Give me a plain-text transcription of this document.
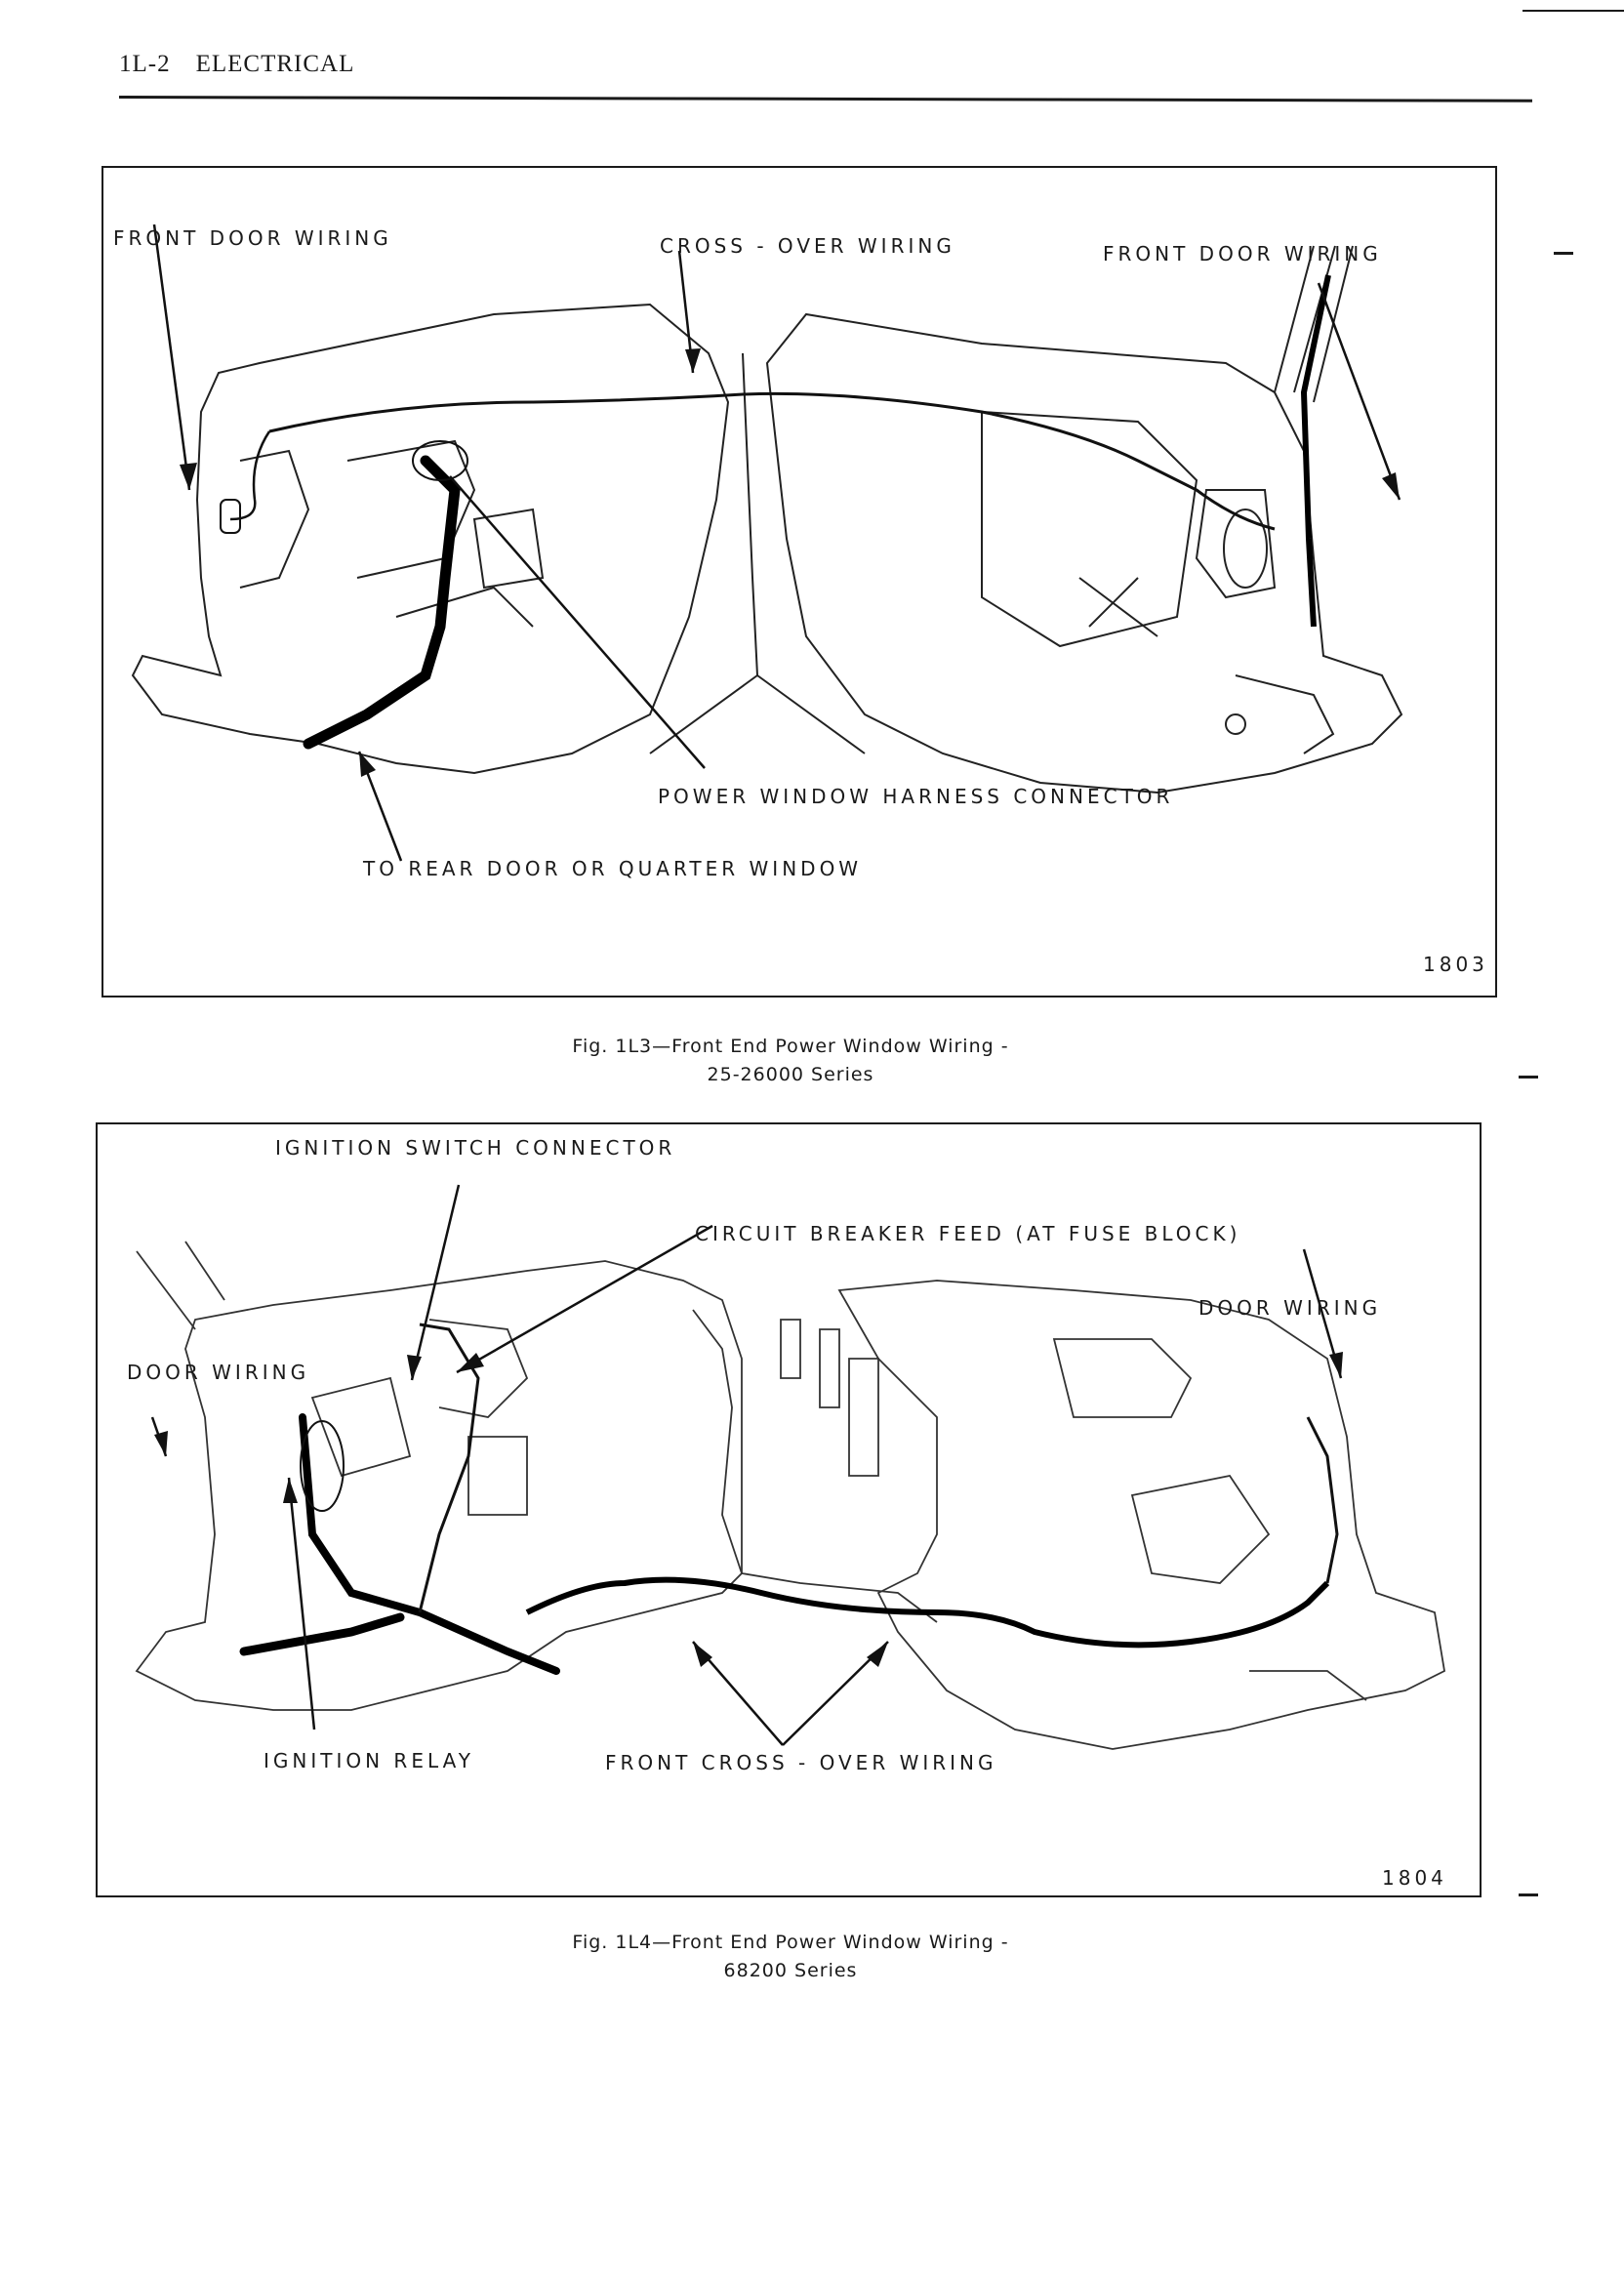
1L-2 ELECTRICAL
FRONT DOOR WIRING	CROSS - OVER WIRING	FRONT DOOR WIRING
POWER WINDOW HARNESS CONNECTOR
TO REAR DOOR OR QUARTER WINDOW
1803
Fig. 1L3—Front End Power Window Wiring -
25-26000 Series
IGNITION SWITCH CONNECTOR
CIRCUIT BREAKER FEED (AT FUSE BLOCK)
DOOR WIRING
DOOR WIRING
IGNITION RELAY	FRONT CROSS - OVER WIRING
1804
Fig. 1L4—Front End Power Window Wiring -
68200 Series
